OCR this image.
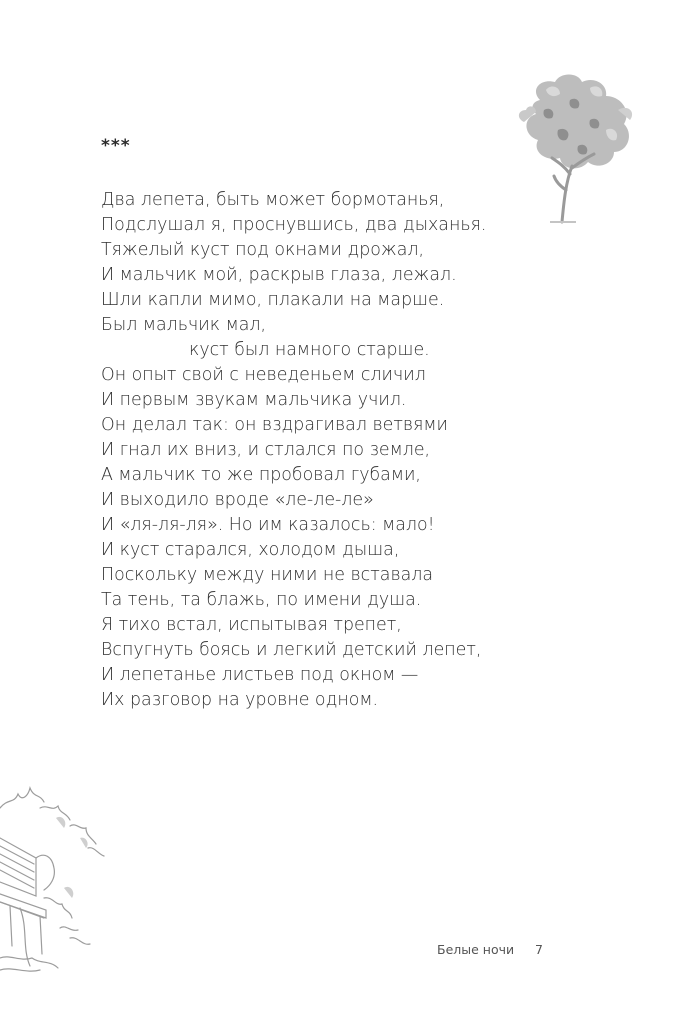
***
Два лепета, быть может бормотанья,
Подслушал я, проснувшись, два дыханья.
Тяжелый куст под окнами дрожал,
И мальчик мой, раскрыв глаза, лежал.
Шли капли мимо, плакали на марше.
Был мальчик мал,
куст был намного старше.
Он опыт свой с неведеньем сличил
И первым звукам мальчика учил.
Он делал так: он вздрагивал ветвями
И гнал их вниз, и стлался по земле,
А мальчик то же пробовал губами,
И выходило вроде «ле-ле-ле»
И «ля-ля-ля». Но им казалось: мало!
И куст старался, холодом дыша,
Поскольку между ними не вставала
Та тень, та блажь, по имени душа.
Я тихо встал, испытывая трепет,
Вспугнуть боясь и легкий детский лепет,
И лепетанье листьев под окном —
Их разговор на уровне одном.
Белые ночи 7
